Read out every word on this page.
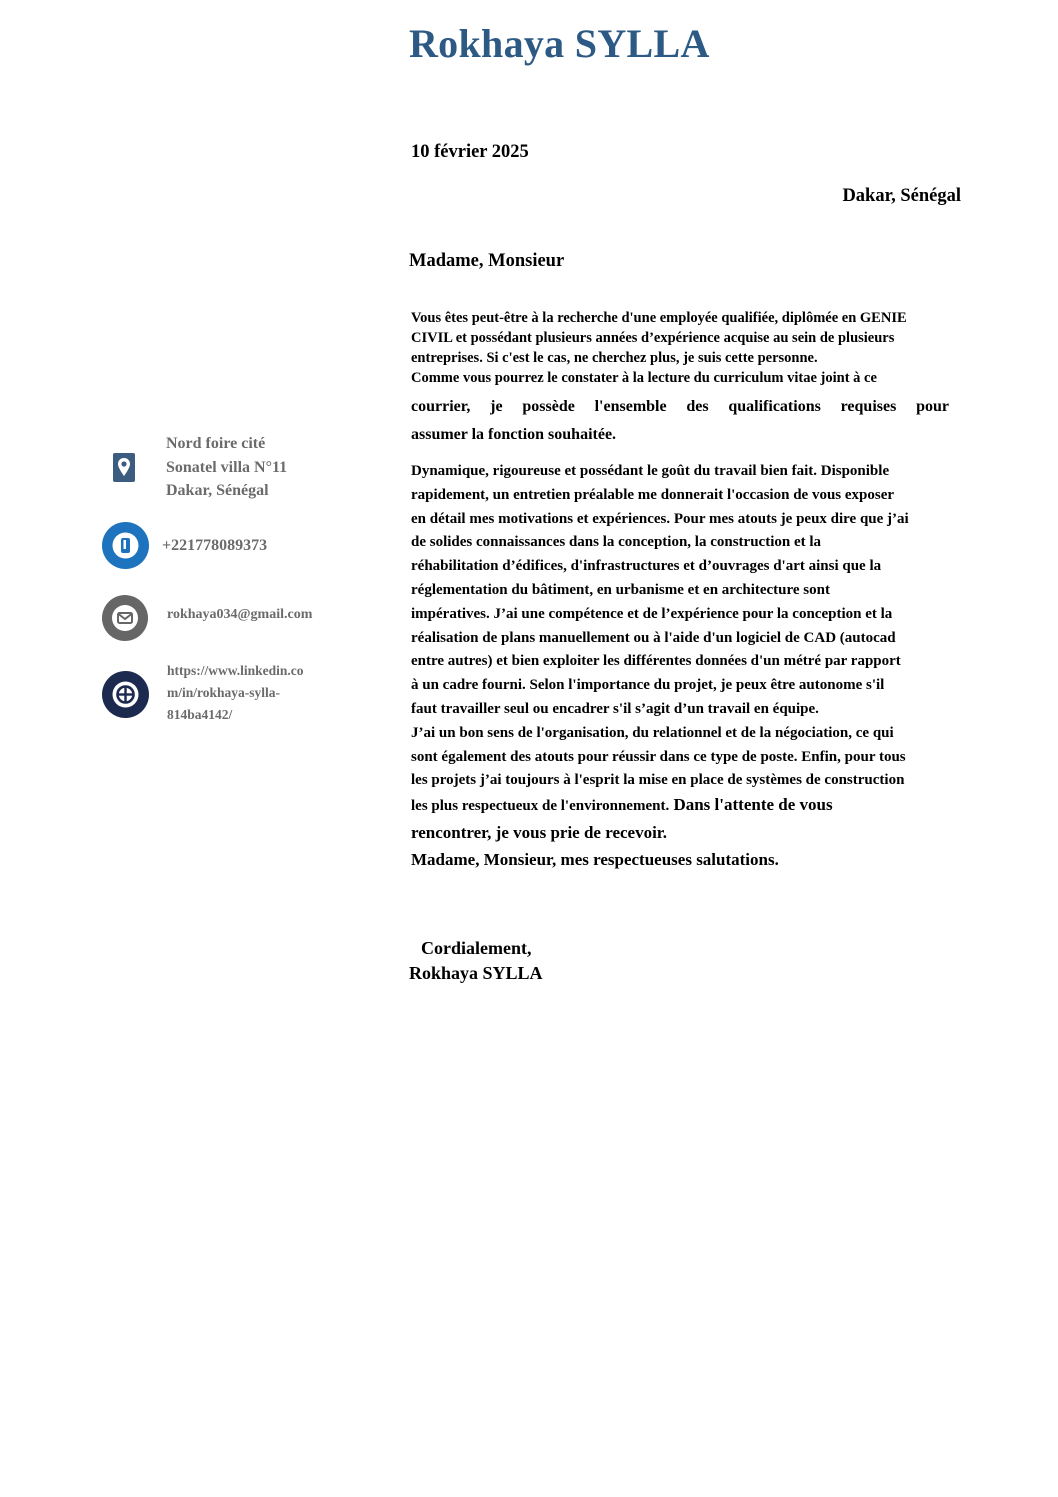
Rokhaya SYLLA
10 février 2025
Dakar, Sénégal
Madame, Monsieur
Vous êtes peut-être à la recherche d'une employée qualifiée, diplômée en GENIE
CIVIL et possédant plusieurs années d’expérience acquise au sein de plusieurs
entreprises. Si c'est le cas, ne cherchez plus, je suis cette personne.
Comme vous pourrez le constater à la lecture du curriculum vitae joint à ce
courrier, je possède l'ensemble des qualifications requises pour
assumer la fonction souhaitée.
Dynamique, rigoureuse et possédant le goût du travail bien fait. Disponible
rapidement, un entretien préalable me donnerait l'occasion de vous exposer
en détail mes motivations et expériences. Pour mes atouts je peux dire que j’ai
de solides connaissances dans la conception, la construction et la
réhabilitation d’édifices, d'infrastructures et d’ouvrages d'art ainsi que la
réglementation du bâtiment, en urbanisme et en architecture sont
impératives. J’ai une compétence et de l’expérience pour la conception et la
réalisation de plans manuellement ou à l'aide d'un logiciel de CAD (autocad
entre autres) et bien exploiter les différentes données d'un métré par rapport
à un cadre fourni. Selon l'importance du projet, je peux être autonome s'il
faut travailler seul ou encadrer s'il s’agit d’un travail en équipe.
J’ai un bon sens de l'organisation, du relationnel et de la négociation, ce qui
sont également des atouts pour réussir dans ce type de poste. Enfin, pour tous
les projets j’ai toujours à l'esprit la mise en place de systèmes de construction
les plus respectueux de l'environnement. Dans l'attente de vous
rencontrer, je vous prie de recevoir.
Madame, Monsieur, mes respectueuses salutations.
Cordialement,
Rokhaya SYLLA
Nord foire cité
Sonatel villa N°11
Dakar, Sénégal
+221778089373
rokhaya034@gmail.com
https://www.linkedin.co
m/in/rokhaya-sylla-
814ba4142/
